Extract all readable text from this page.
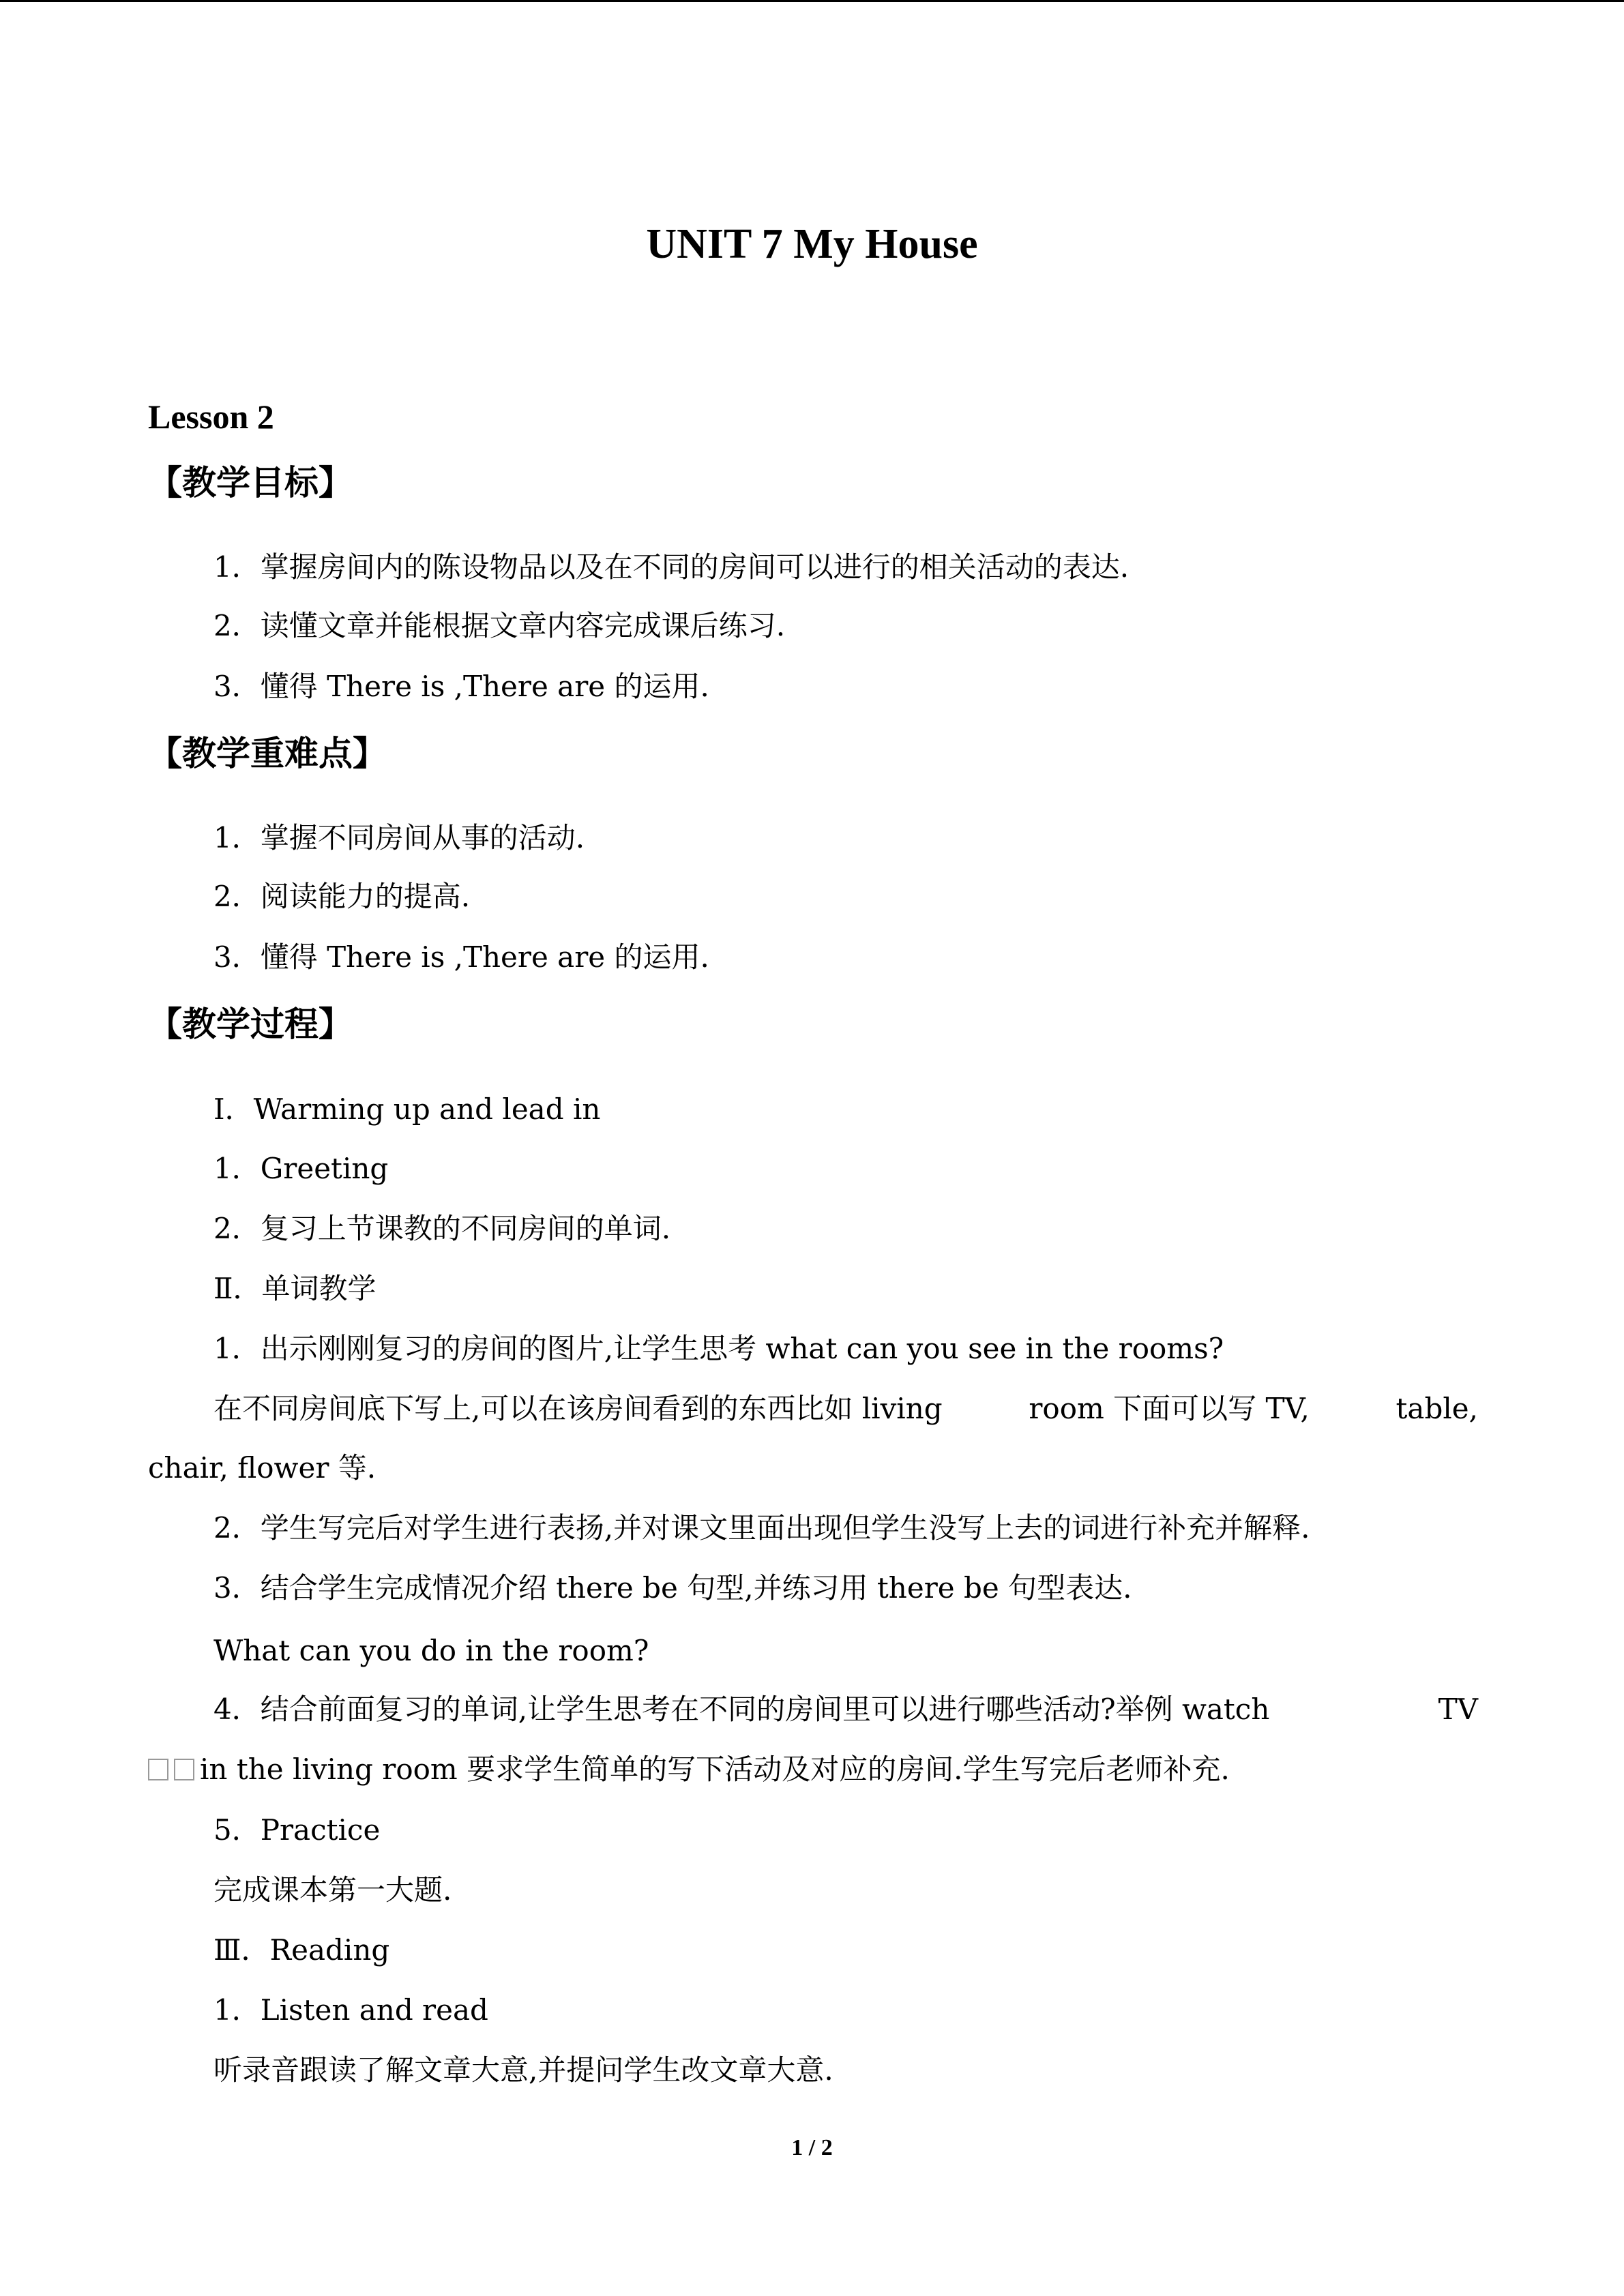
UNIT 7 My House
Lesson 2
【教学目标】
1．掌握房间内的陈设物品以及在不同的房间可以进行的相关活动的表达.
2．读懂文章并能根据文章内容完成课后练习.
3．懂得 There is ,There are 的运用.
【教学重难点】
1．掌握不同房间从事的活动.
2．阅读能力的提高.
3．懂得 There is ,There are 的运用.
【教学过程】
Ⅰ．Warming up and lead in
1．Greeting
2．复习上节课教的不同房间的单词.
Ⅱ．单词教学
1．出示刚刚复习的房间的图片,让学生思考 what can you see in the rooms?
在不同房间底下写上,可以在该房间看到的东西比如 living	room 下面可以写 TV,	table,
chair, flower 等.
2．学生写完后对学生进行表扬,并对课文里面出现但学生没写上去的词进行补充并解释.
3．结合学生完成情况介绍 there be 句型,并练习用 there be 句型表达.
What can you do in the room?
4．结合前面复习的单词,让学生思考在不同的房间里可以进行哪些活动?举例 watch	TV
in the living room 要求学生简单的写下活动及对应的房间.学生写完后老师补充.
5．Practice
完成课本第一大题.
Ⅲ．Reading
1．Listen and read
听录音跟读了解文章大意,并提问学生改文章大意.
1 / 2
